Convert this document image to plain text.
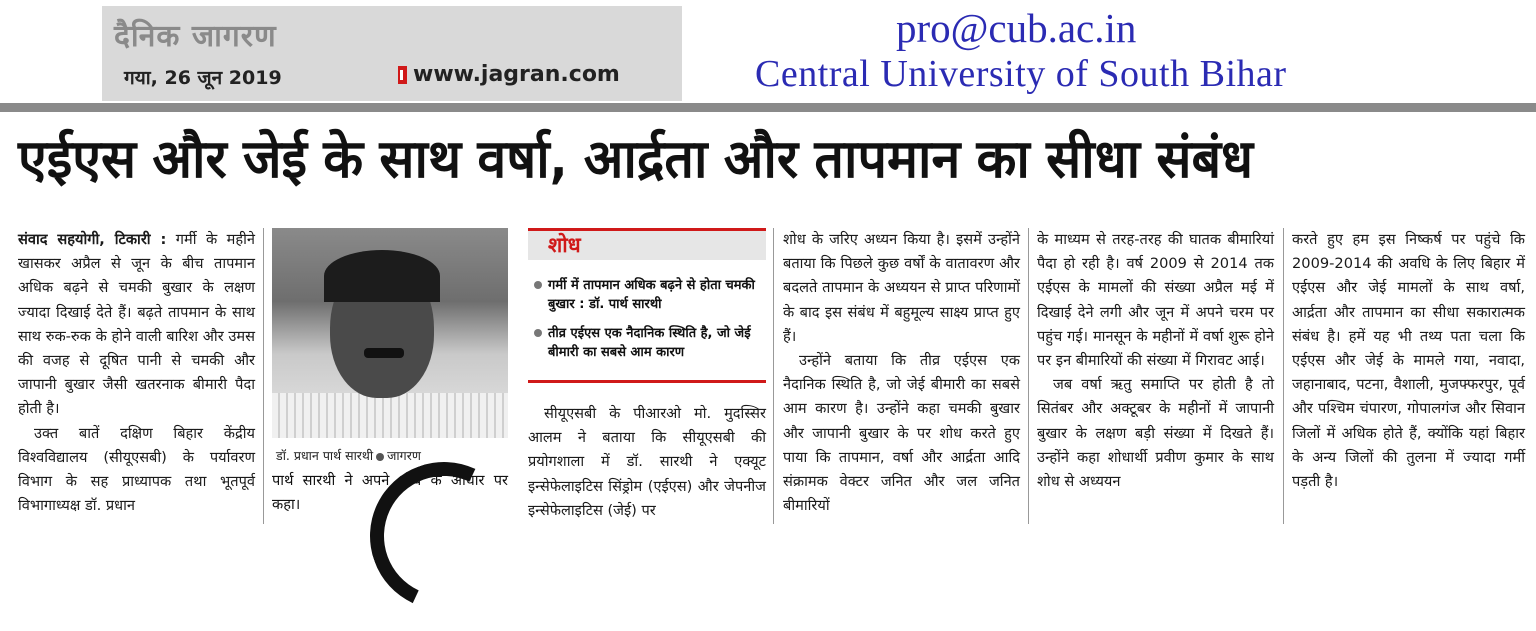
दैनिक जागरण
गया, 26 जून 2019	www.jagran.com
pro@cub.ac.in
Central University of South Bihar
एईएस और जेई के साथ वर्षा, आर्द्रता और तापमान का सीधा संबंध

संवाद सहयोगी, टिकारी : गर्मी के महीने खासकर अप्रैल से जून के बीच तापमान अधिक बढ़ने से चमकी बुखार के लक्षण ज्यादा दिखाई देते हैं। बढ़ते तापमान के साथ साथ रुक-रुक के होने वाली बारिश और उमस की वजह से दूषित पानी से चमकी और जापानी बुखार जैसी खतरनाक बीमारी पैदा होती है।

उक्त बातें दक्षिण बिहार केंद्रीय विश्वविद्यालय (सीयूएसबी) के पर्यावरण विभाग के सह प्राध्यापक तथा भूतपूर्व विभागाध्यक्ष डॉ. प्रधान

डॉ. प्रधान पार्थ सारथी जागरण
पार्थ सारथी ने अपने शोध के आधार पर कहा।
शोध
गर्मी में तापमान अधिक बढ़ने से होता चमकी बुखार : डॉ. पार्थ सारथी
तीव्र एईएस एक नैदानिक स्थिति है, जो जेई बीमारी का सबसे आम कारण

सीयूएसबी के पीआरओ मो. मुदस्सिर आलम ने बताया कि सीयूएसबी की प्रयोगशाला में डॉ. सारथी ने एक्यूट इन्सेफेलाइटिस सिंड्रोम (एईएस) और जेपनीज इन्सेफेलाइटिस (जेई) पर

शोध के जरिए अध्यन किया है। इसमें उन्होंने बताया कि पिछले कुछ वर्षों के वातावरण और बदलते तापमान के अध्ययन से प्राप्त परिणामों के बाद इस संबंध में बहुमूल्य साक्ष्य प्राप्त हुए हैं।

उन्होंने बताया कि तीव्र एईएस एक नैदानिक स्थिति है, जो जेई बीमारी का सबसे आम कारण है। उन्होंने कहा चमकी बुखार और जापानी बुखार के पर शोध करते हुए पाया कि तापमान, वर्षा और आर्द्रता आदि संक्रामक वेक्टर जनित और जल जनित बीमारियों

के माध्यम से तरह-तरह की घातक बीमारियां पैदा हो रही है। वर्ष 2009 से 2014 तक एईएस के मामलों की संख्या अप्रैल मई में दिखाई देने लगी और जून में अपने चरम पर पहुंच गई। मानसून के महीनों में वर्षा शुरू होने पर इन बीमारियों की संख्या में गिरावट आई।

जब वर्षा ऋतु समाप्ति पर होती है तो सितंबर और अक्टूबर के महीनों में जापानी बुखार के लक्षण बड़ी संख्या में दिखते हैं। उन्होंने कहा शोधार्थी प्रवीण कुमार के साथ शोध से अध्ययन

करते हुए हम इस निष्कर्ष पर पहुंचे कि 2009-2014 की अवधि के लिए बिहार में एईएस और जेई मामलों के साथ वर्षा, आर्द्रता और तापमान का सीधा सकारात्मक संबंध है। हमें यह भी तथ्य पता चला कि एईएस और जेई के मामले गया, नवादा, जहानाबाद, पटना, वैशाली, मुजफ्फरपुर, पूर्व और पश्चिम चंपारण, गोपालगंज और सिवान जिलों में अधिक होते हैं, क्योंकि यहां बिहार के अन्य जिलों की तुलना में ज्यादा गर्मी पड़ती है।
